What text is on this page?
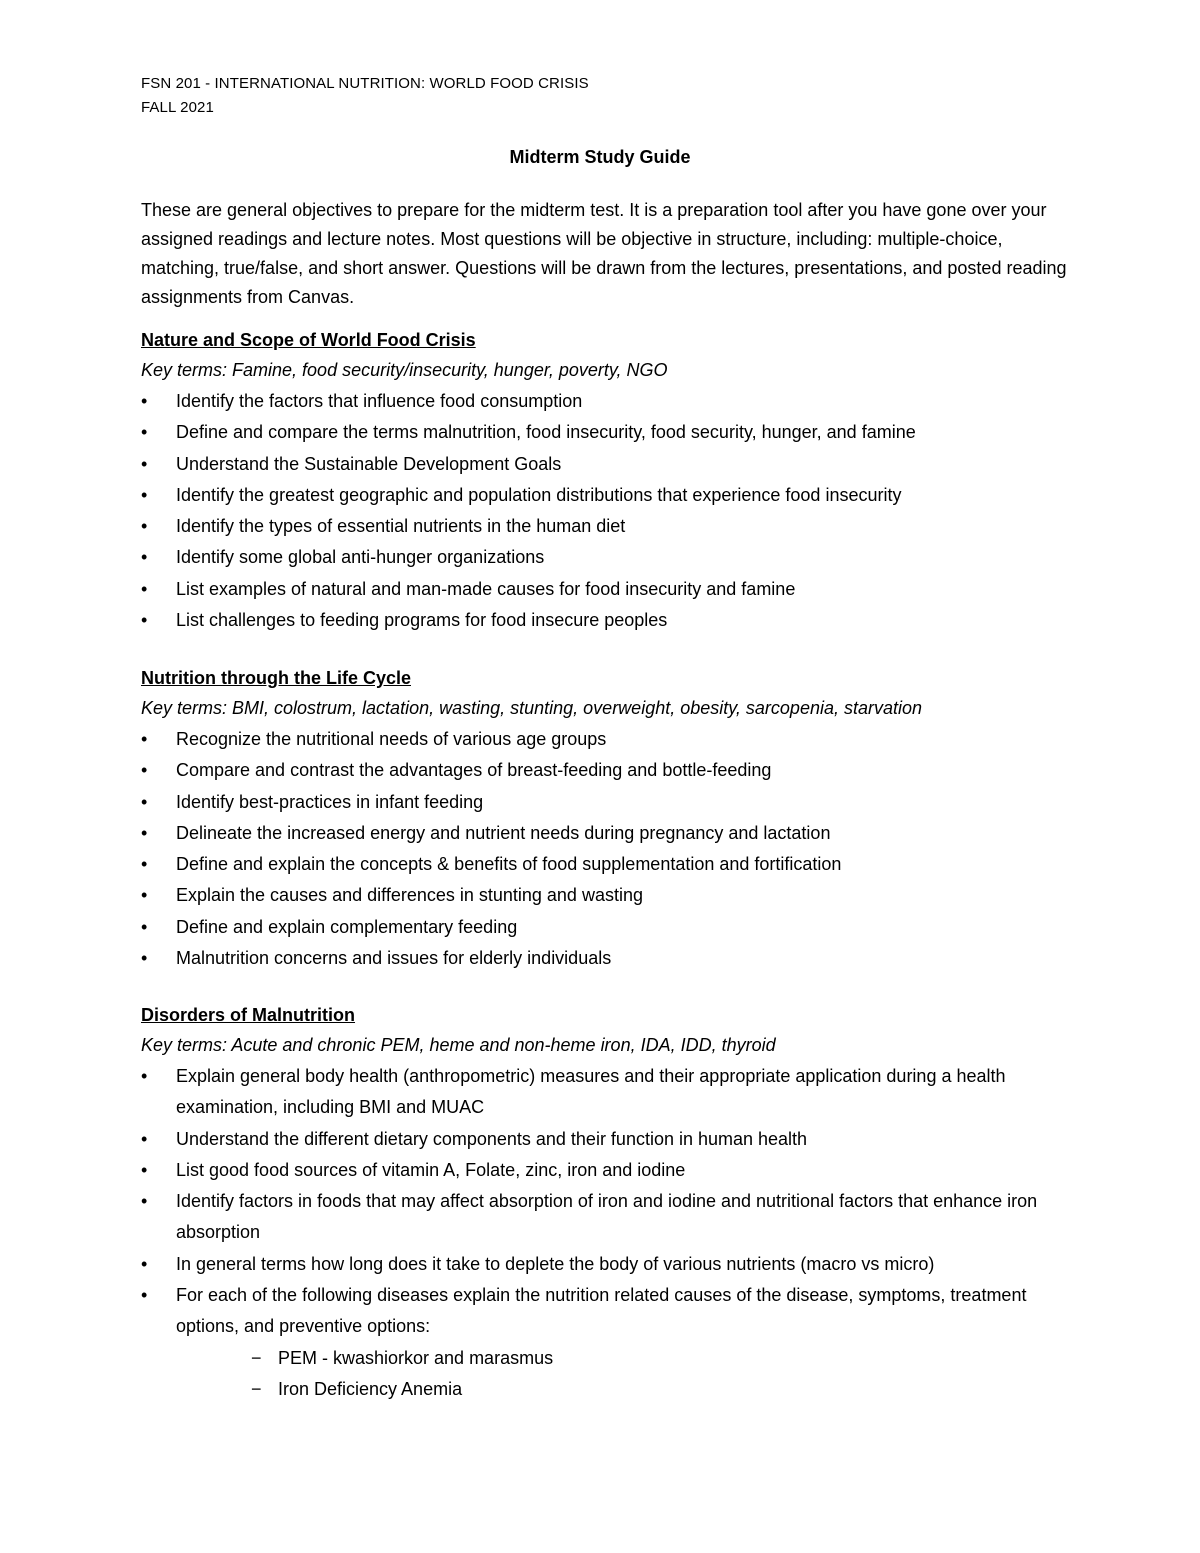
FSN 201 - INTERNATIONAL NUTRITION: WORLD FOOD CRISIS
FALL 2021
Midterm Study Guide
These are general objectives to prepare for the midterm test. It is a preparation tool after you have gone over your assigned readings and lecture notes. Most questions will be objective in structure, including: multiple-choice, matching, true/false, and short answer. Questions will be drawn from the lectures, presentations, and posted reading assignments from Canvas.
Nature and Scope of World Food Crisis
Key terms: Famine, food security/insecurity, hunger, poverty, NGO
• Identify the factors that influence food consumption
• Define and compare the terms malnutrition, food insecurity, food security, hunger, and famine
• Understand the Sustainable Development Goals
• Identify the greatest geographic and population distributions that experience food insecurity
• Identify the types of essential nutrients in the human diet
• Identify some global anti-hunger organizations
• List examples of natural and man-made causes for food insecurity and famine
• List challenges to feeding programs for food insecure peoples
Nutrition through the Life Cycle
Key terms: BMI, colostrum, lactation, wasting, stunting, overweight, obesity, sarcopenia, starvation
• Recognize the nutritional needs of various age groups
• Compare and contrast the advantages of breast-feeding and bottle-feeding
• Identify best-practices in infant feeding
• Delineate the increased energy and nutrient needs during pregnancy and lactation
• Define and explain the concepts & benefits of food supplementation and fortification
• Explain the causes and differences in stunting and wasting
• Define and explain complementary feeding
• Malnutrition concerns and issues for elderly individuals
Disorders of Malnutrition
Key terms: Acute and chronic PEM, heme and non-heme iron, IDA, IDD, thyroid
• Explain general body health (anthropometric) measures and their appropriate application during a health examination, including BMI and MUAC
• Understand the different dietary components and their function in human health
• List good food sources of vitamin A, Folate, zinc, iron and iodine
• Identify factors in foods that may affect absorption of iron and iodine and nutritional factors that enhance iron absorption
• In general terms how long does it take to deplete the body of various nutrients (macro vs micro)
• For each of the following diseases explain the nutrition related causes of the disease, symptoms, treatment options, and preventive options:
− PEM - kwashiorkor and marasmus
− Iron Deficiency Anemia
